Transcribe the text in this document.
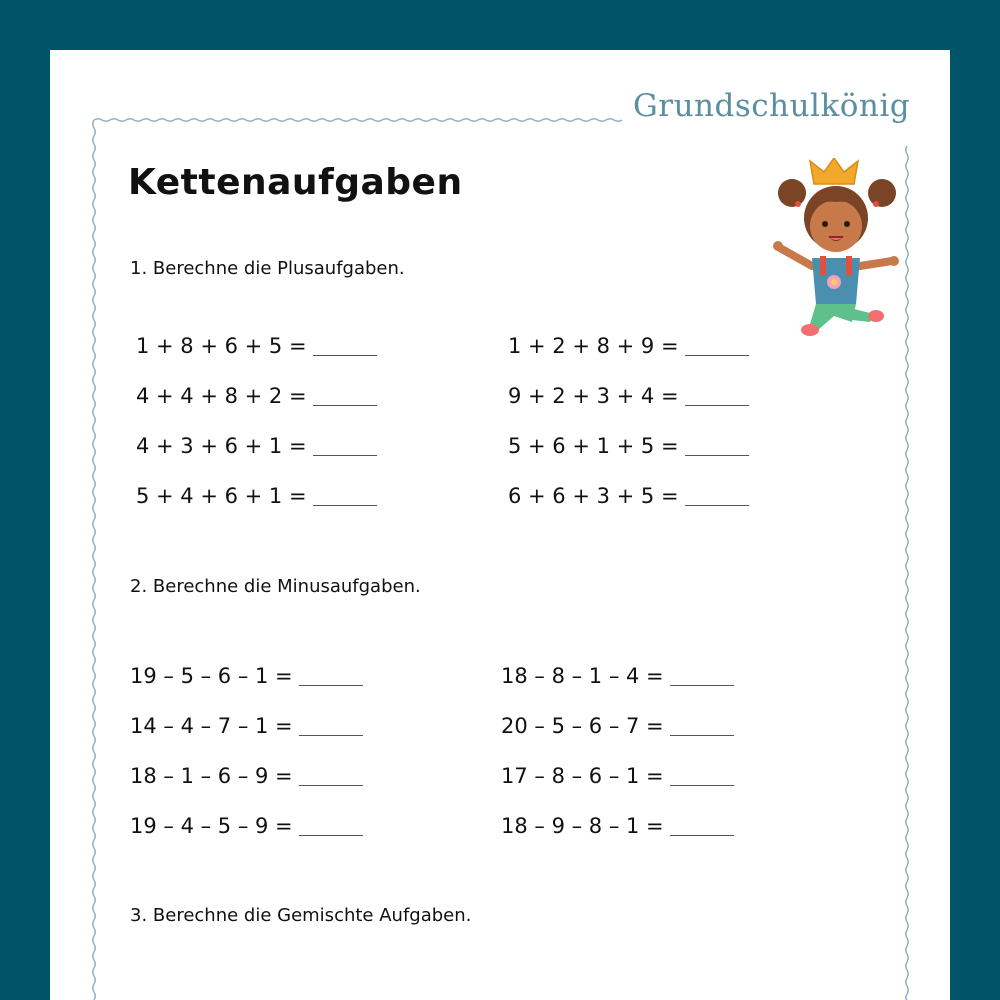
Grundschulkönig
Kettenaufgaben
1. Berechne die Plusaufgaben.
1 + 8 + 6 + 5 =
4 + 4 + 8 + 2 =
4 + 3 + 6 + 1 =
5 + 4 + 6 + 1 =
1 + 2 + 8 + 9 =
9 + 2 + 3 + 4 =
5 + 6 + 1 + 5 =
6 + 6 + 3 + 5 =
2. Berechne die Minusaufgaben.
19 – 5 – 6 – 1 =
14 – 4 – 7 – 1 =
18 – 1 – 6 – 9 =
19 – 4 – 5 – 9 =
18 – 8 – 1 – 4 =
20 – 5 – 6 – 7 =
17 – 8 – 6 – 1 =
18 – 9 – 8 – 1 =
3. Berechne die Gemischte Aufgaben.
